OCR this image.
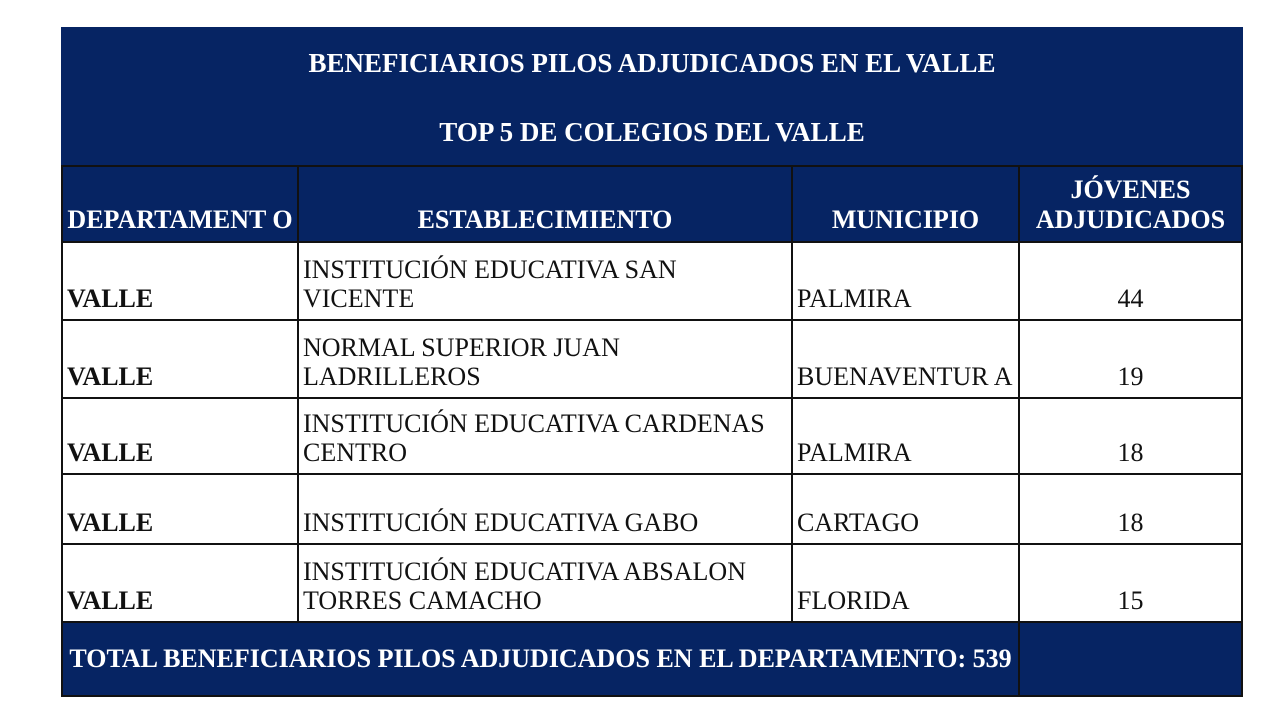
BENEFICIARIOS PILOS ADJUDICADOS EN EL VALLE			
TOP 5 DE COLEGIOS DEL VALLE			
DEPARTAMENT O	ESTABLECIMIENTO	MUNICIPIO	JÓVENES ADJUDICADOS
VALLE	INSTITUCIÓN EDUCATIVA SAN VICENTE	PALMIRA	44
VALLE	NORMAL SUPERIOR JUAN LADRILLEROS	BUENAVENTUR A	19
VALLE	INSTITUCIÓN EDUCATIVA CARDENAS CENTRO	PALMIRA	18
VALLE	INSTITUCIÓN EDUCATIVA GABO	CARTAGO	18
VALLE	INSTITUCIÓN EDUCATIVA ABSALON TORRES CAMACHO	FLORIDA	15
TOTAL BENEFICIARIOS PILOS ADJUDICADOS EN EL DEPARTAMENTO: 539			
